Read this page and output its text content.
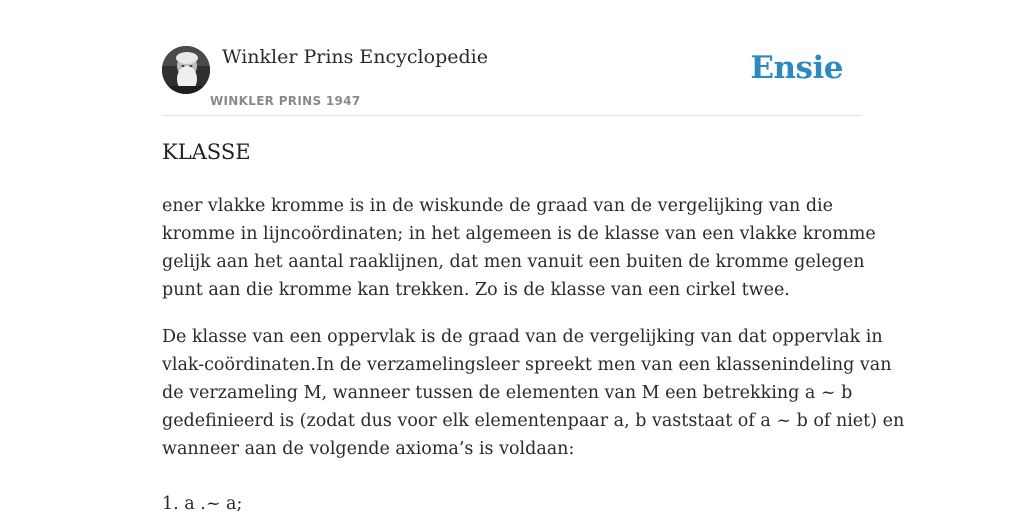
Winkler Prins Encyclopedie
WINKLER PRINS 1947
Ensie
KLASSE
ener vlakke kromme is in de wiskunde de graad van de vergelijking van die
kromme in lijncoördinaten; in het algemeen is de klasse van een vlakke kromme
gelijk aan het aantal raaklijnen, dat men vanuit een buiten de kromme gelegen
punt aan die kromme kan trekken. Zo is de klasse van een cirkel twee.
De klasse van een oppervlak is de graad van de vergelijking van dat oppervlak in
vlak-coördinaten.In de verzamelingsleer spreekt men van een klassenindeling van
de verzameling M, wanneer tussen de elementen van M een betrekking a ~ b
gedefinieerd is (zodat dus voor elk elementenpaar a, b vaststaat of a ~ b of niet) en
wanneer aan de volgende axioma’s is voldaan:
1. a .~ a;
